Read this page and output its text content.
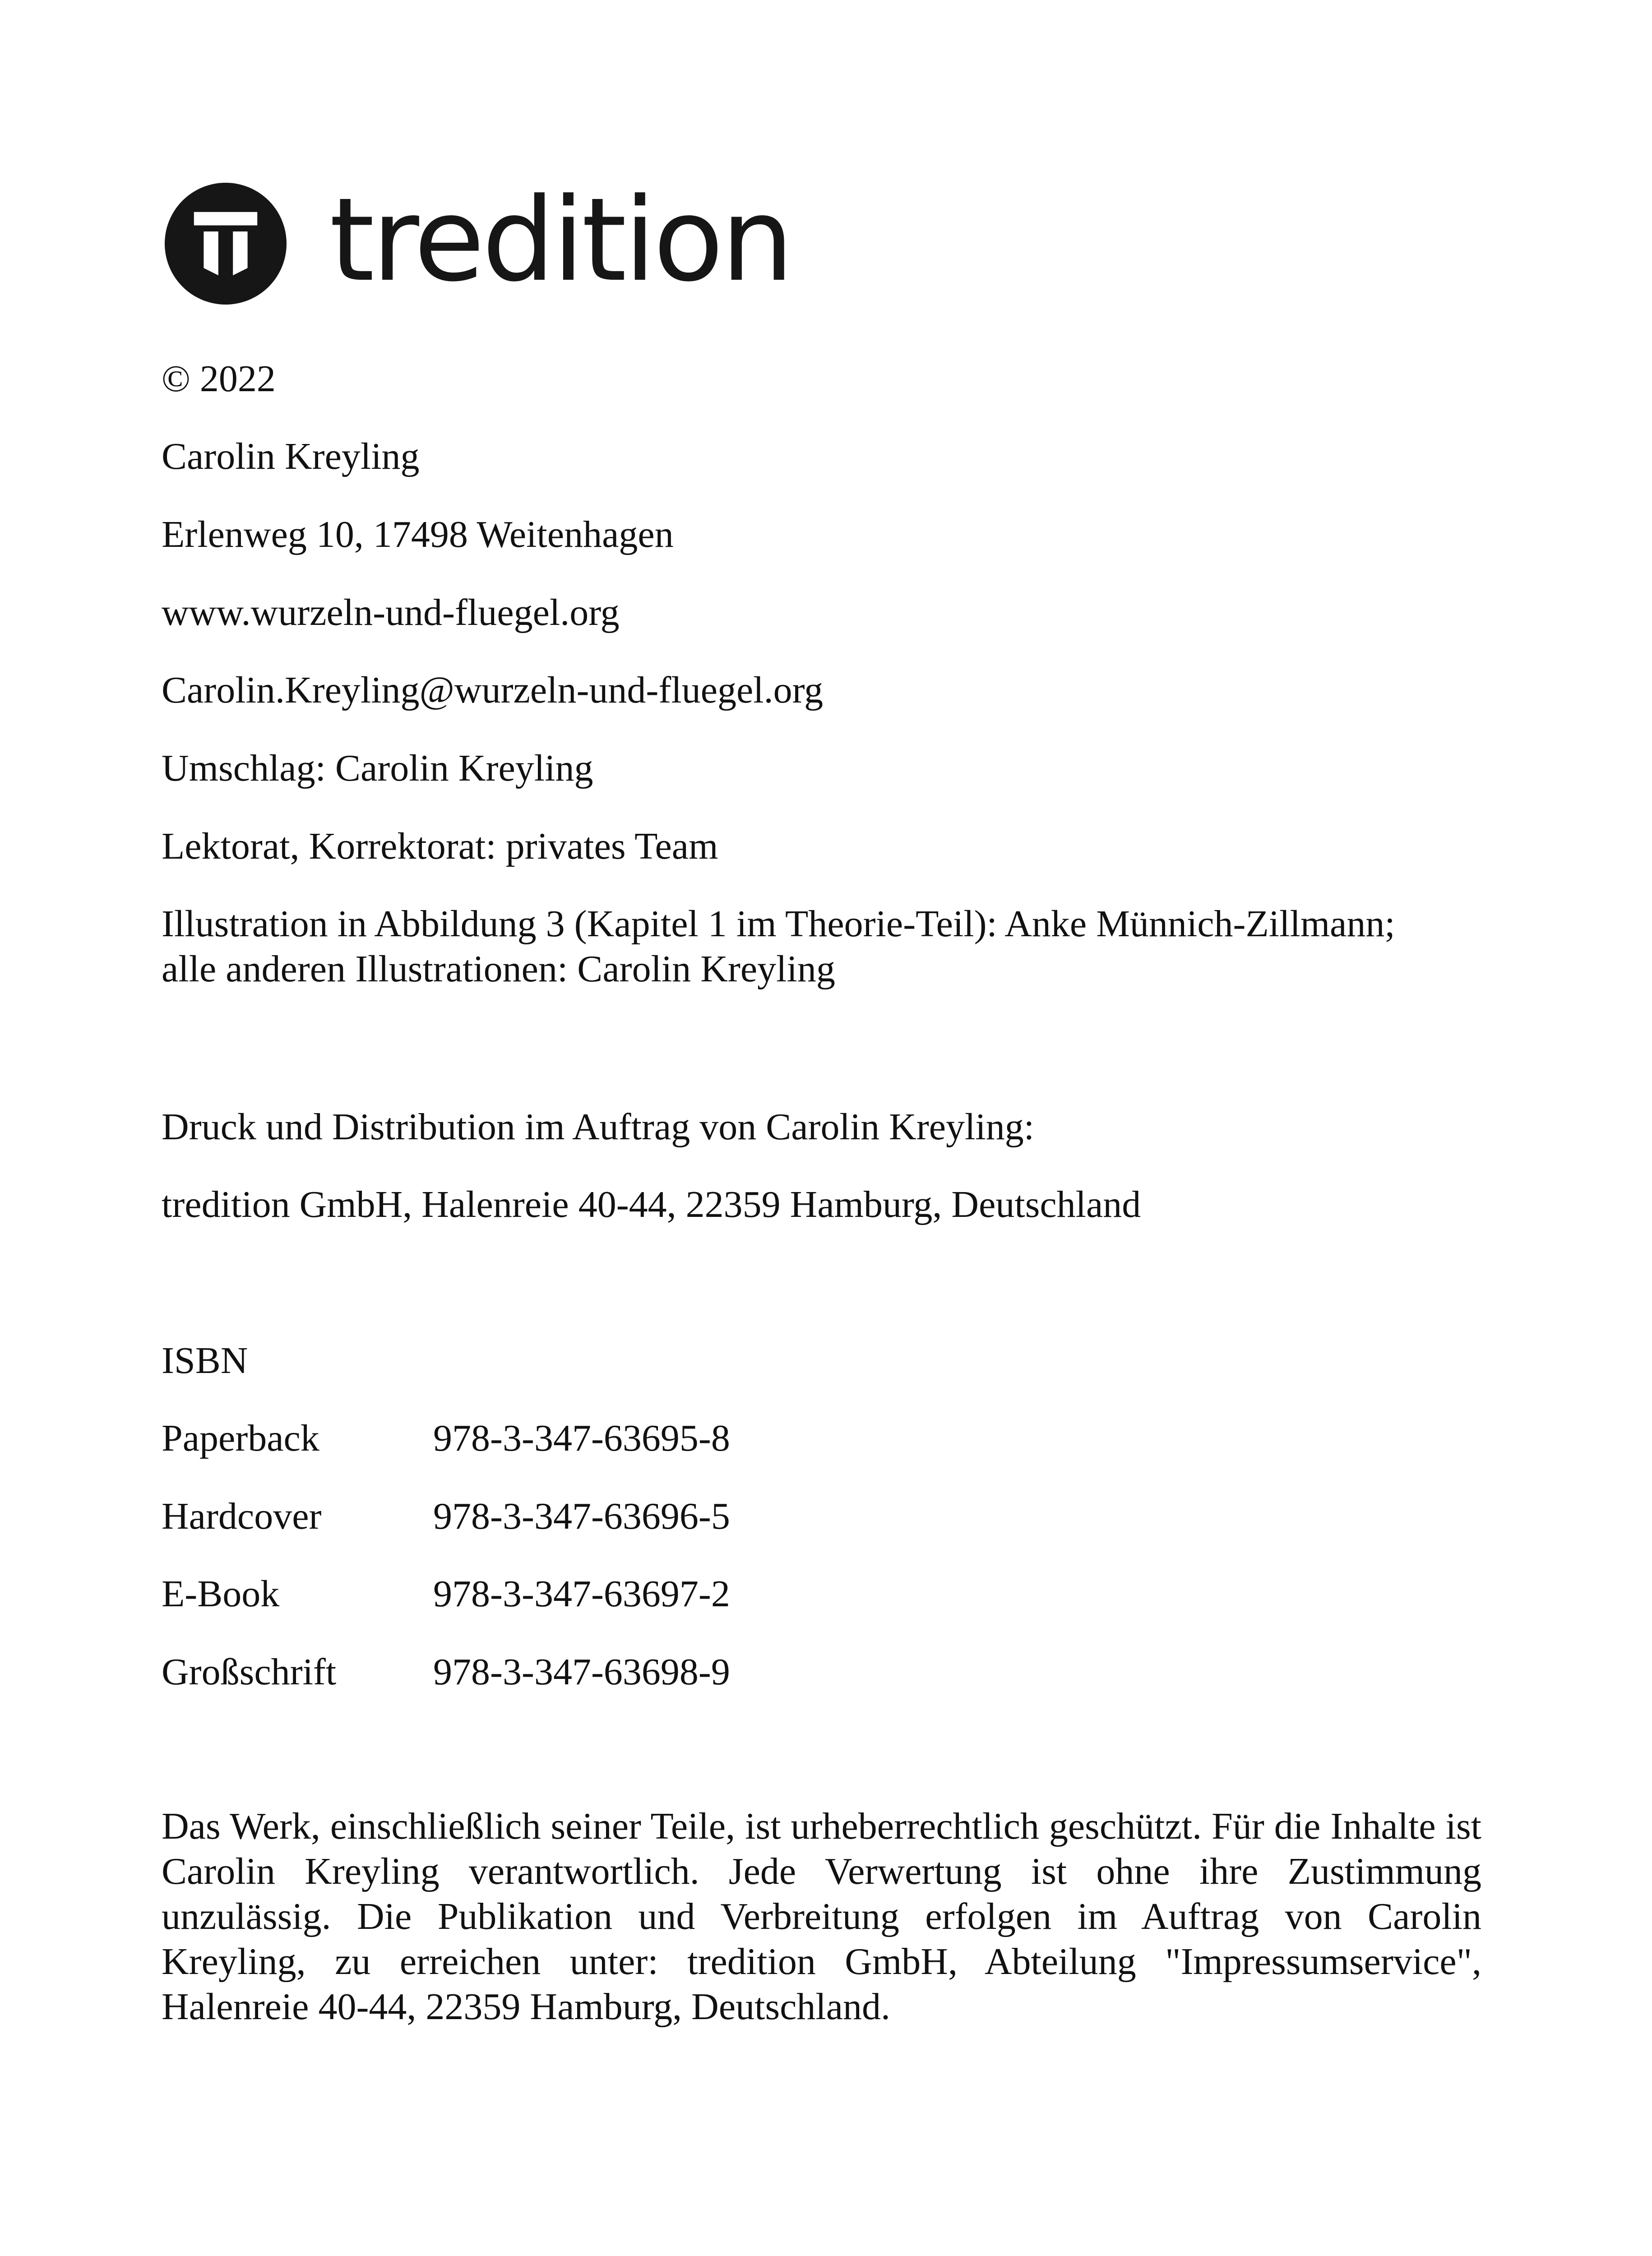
tredition
© 2022
Carolin Kreyling
Erlenweg 10, 17498 Weitenhagen
www.wurzeln-und-fluegel.org
Carolin.Kreyling@wurzeln-und-fluegel.org
Umschlag: Carolin Kreyling
Lektorat, Korrektorat: privates Team
Illustration in Abbildung 3 (Kapitel 1 im Theorie-Teil): Anke Münnich-Zillmann;
alle anderen Illustrationen: Carolin Kreyling
Druck und Distribution im Auftrag von Carolin Kreyling:
tredition GmbH, Halenreie 40-44, 22359 Hamburg, Deutschland
ISBN
Paperback	978-3-347-63695-8
Hardcover	978-3-347-63696-5
E-Book	978-3-347-63697-2
Großschrift	978-3-347-63698-9
Das Werk, einschließlich seiner Teile, ist urheberrechtlich geschützt. Für die Inhalte ist Carolin Kreyling verantwortlich. Jede Verwertung ist ohne ihre Zustimmung unzulässig. Die Publikation und Verbreitung erfolgen im Auftrag von Carolin Kreyling, zu erreichen unter: tredition GmbH, Abteilung "Impressumservice", Halenreie 40-44, 22359 Hamburg, Deutschland.
